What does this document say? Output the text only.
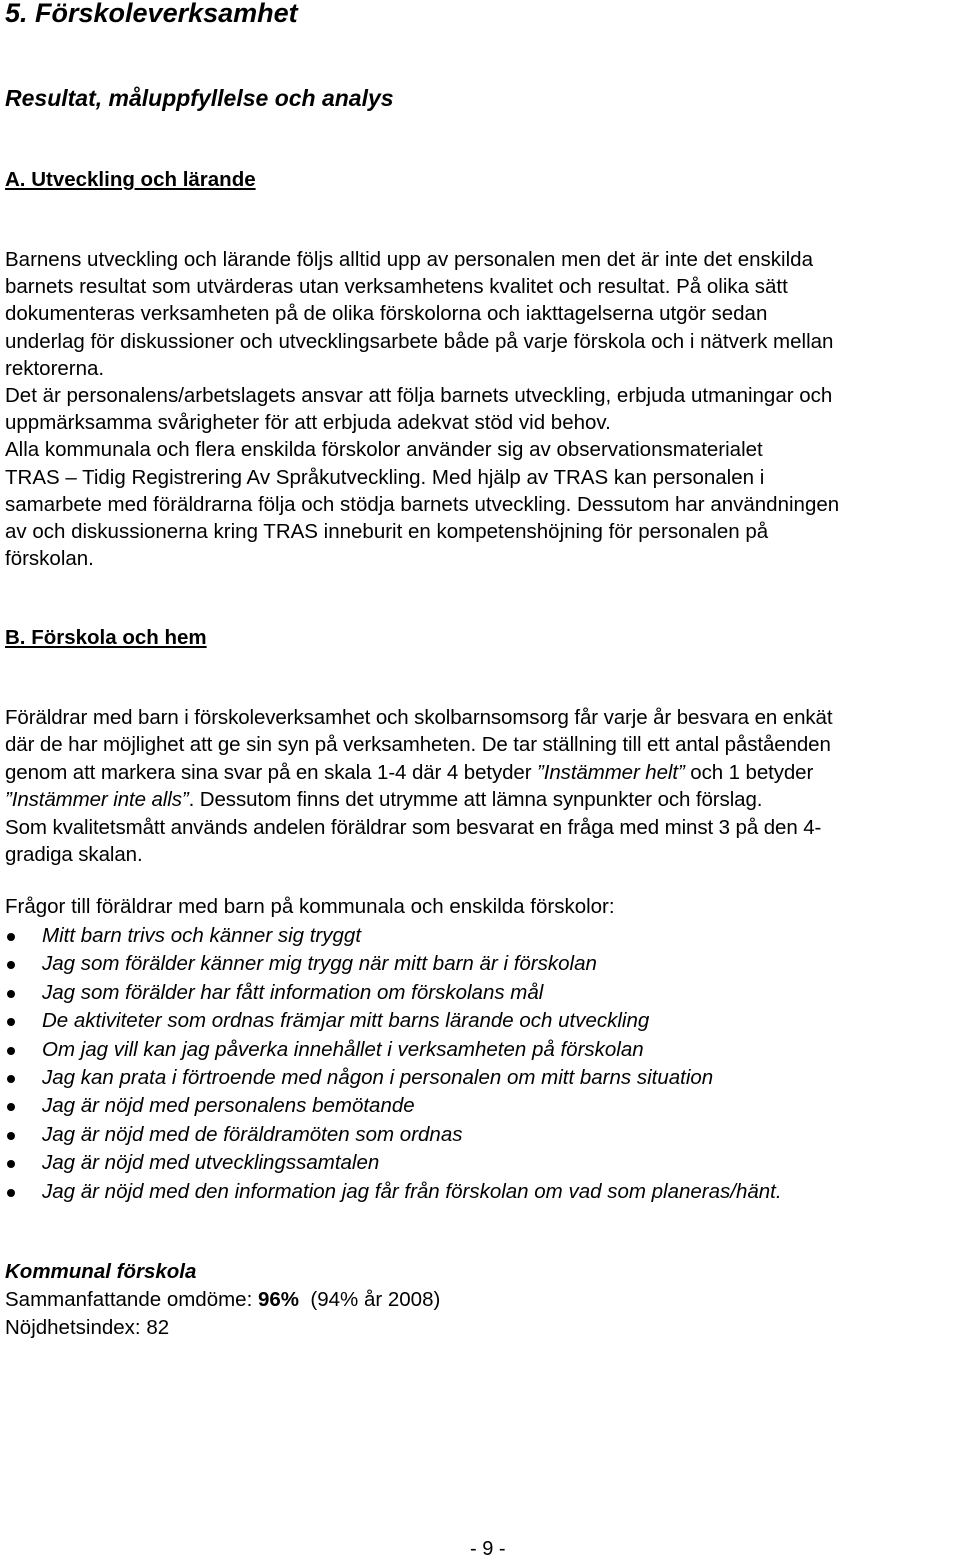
5. Förskoleverksamhet
Resultat, måluppfyllelse och analys
A. Utveckling och lärande

Barnens utveckling och lärande följs alltid upp av personalen men det är inte det enskilda

barnets resultat som utvärderas utan verksamhetens kvalitet och resultat. På olika sätt

dokumenteras verksamheten på de olika förskolorna och iakttagelserna utgör sedan

underlag för diskussioner och utvecklingsarbete både på varje förskola och i nätverk mellan

rektorerna.

Det är personalens/arbetslagets ansvar att följa barnets utveckling, erbjuda utmaningar och

uppmärksamma svårigheter för att erbjuda adekvat stöd vid behov.

Alla kommunala och flera enskilda förskolor använder sig av observationsmaterialet

TRAS – Tidig Registrering Av Språkutveckling. Med hjälp av TRAS kan personalen i

samarbete med föräldrarna följa och stödja barnets utveckling. Dessutom har användningen

av och diskussionerna kring TRAS inneburit en kompetenshöjning för personalen på

förskolan.

B. Förskola och hem

Föräldrar med barn i förskoleverksamhet och skolbarnsomsorg får varje år besvara en enkät

där de har möjlighet att ge sin syn på verksamheten. De tar ställning till ett antal påståenden

genom att markera sina svar på en skala 1-4 där 4 betyder ”Instämmer helt” och 1 betyder

”Instämmer inte alls”. Dessutom finns det utrymme att lämna synpunkter och förslag.

Som kvalitetsmått används andelen föräldrar som besvarat en fråga med minst 3 på den 4-

gradiga skalan.

Frågor till föräldrar med barn på kommunala och enskilda förskolor:
Mitt barn trivs och känner sig tryggt
Jag som förälder känner mig trygg när mitt barn är i förskolan
Jag som förälder har fått information om förskolans mål
De aktiviteter som ordnas främjar mitt barns lärande och utveckling
Om jag vill kan jag påverka innehållet i verksamheten på förskolan
Jag kan prata i förtroende med någon i personalen om mitt barns situation
Jag är nöjd med personalens bemötande
Jag är nöjd med de föräldramöten som ordnas
Jag är nöjd med utvecklingssamtalen
Jag är nöjd med den information jag får från förskolan om vad som planeras/hänt.
Kommunal förskola
Sammanfattande omdöme: 96%  (94% år 2008)
Nöjdhetsindex: 82
- 9 -
